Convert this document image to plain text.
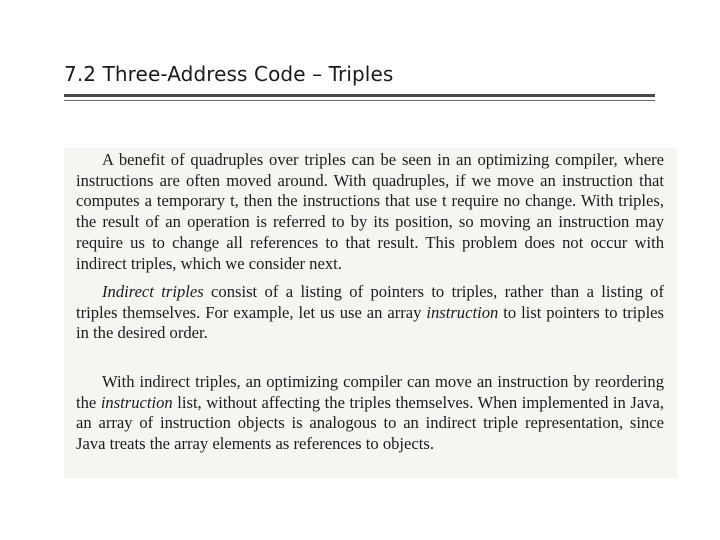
7.2 Three-Address Code – Triples
A benefit of quadruples over triples can be seen in an optimizing compiler, where instructions are often moved around. With quadruples, if we move an instruction that computes a temporary t, then the instructions that use t require no change. With triples, the result of an operation is referred to by its position, so moving an instruction may require us to change all references to that result. This problem does not occur with indirect triples, which we consider next.
Indirect triples consist of a listing of pointers to triples, rather than a listing of triples themselves. For example, let us use an array instruction to list pointers to triples in the desired order.
With indirect triples, an optimizing compiler can move an instruction by reordering the instruction list, without affecting the triples themselves. When implemented in Java, an array of instruction objects is analogous to an indirect triple representation, since Java treats the array elements as references to objects.
